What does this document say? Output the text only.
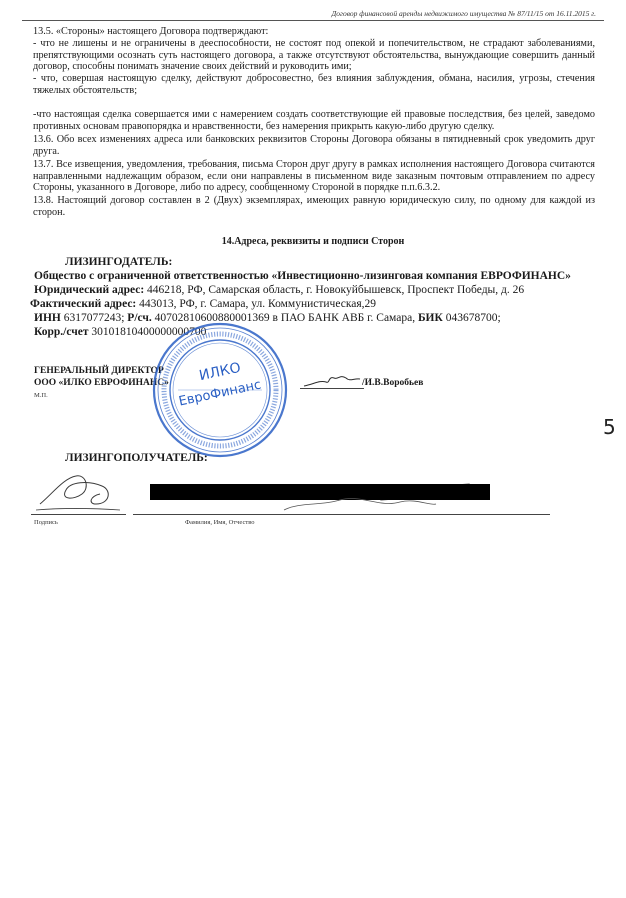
Договор финансовой аренды недвижимого имущества № 87/11/15 от 16.11.2015 г.
13.5. «Стороны» настоящего Договора подтверждают:
- что не лишены и не ограничены в дееспособности, не состоят под опекой и попечительством, не страдают заболеваниями, препятствующими осознать суть настоящего договора, а также отсутствуют обстоятельства, вынуждающие совершить данный договор, способны понимать значение своих действий и руководить ими;
- что, совершая настоящую сделку, действуют добросовестно, без влияния заблуждения, обмана, насилия, угрозы, стечения тяжелых обстоятельств;
-что настоящая сделка совершается ими с намерением создать соответствующие ей правовые последствия, без целей, заведомо противных основам правопорядка и нравственности, без намерения прикрыть какую-либо другую сделку.
13.6. Обо всех изменениях адреса или банковских реквизитов Стороны Договора обязаны в пятидневный срок уведомить друг друга.
13.7. Все извещения, уведомления, требования, письма Сторон друг другу в рамках исполнения настоящего Договора считаются направленными надлежащим образом, если они направлены в письменном виде заказным почтовым отправлением по адресу Стороны, указанного в Договоре, либо по адресу, сообщенному Стороной в порядке п.п.6.3.2.
13.8. Настоящий договор составлен в 2 (Двух) экземплярах, имеющих равную юридическую силу, по одному для каждой из сторон.
14.Адреса, реквизиты и подписи Сторон
ЛИЗИНГОДАТЕЛЬ:
Общество с ограниченной ответственностью «Инвестиционно-лизинговая компания ЕВРОФИНАНС»
Юридический адрес: 446218, РФ, Самарская область, г. Новокуйбышевск, Проспект Победы, д. 26
Фактический адрес: 443013, РФ, г. Самара, ул. Коммунистическая,29
ИНН 6317077243; Р/сч. 40702810600880001369 в ПАО БАНК АВБ г. Самара, БИК 043678700;
Корр./счет 30101810400000000700
ГЕНЕРАЛЬНЫЙ ДИРЕКТОР
ООО «ИЛКО ЕВРОФИНАНС»
М.П.
/И.В.Воробьев
ИЛКО
ЕвроФинанс
5
ЛИЗИНГОПОЛУЧАТЕЛЬ:
Подпись	Фамилия, Имя, Отчество
